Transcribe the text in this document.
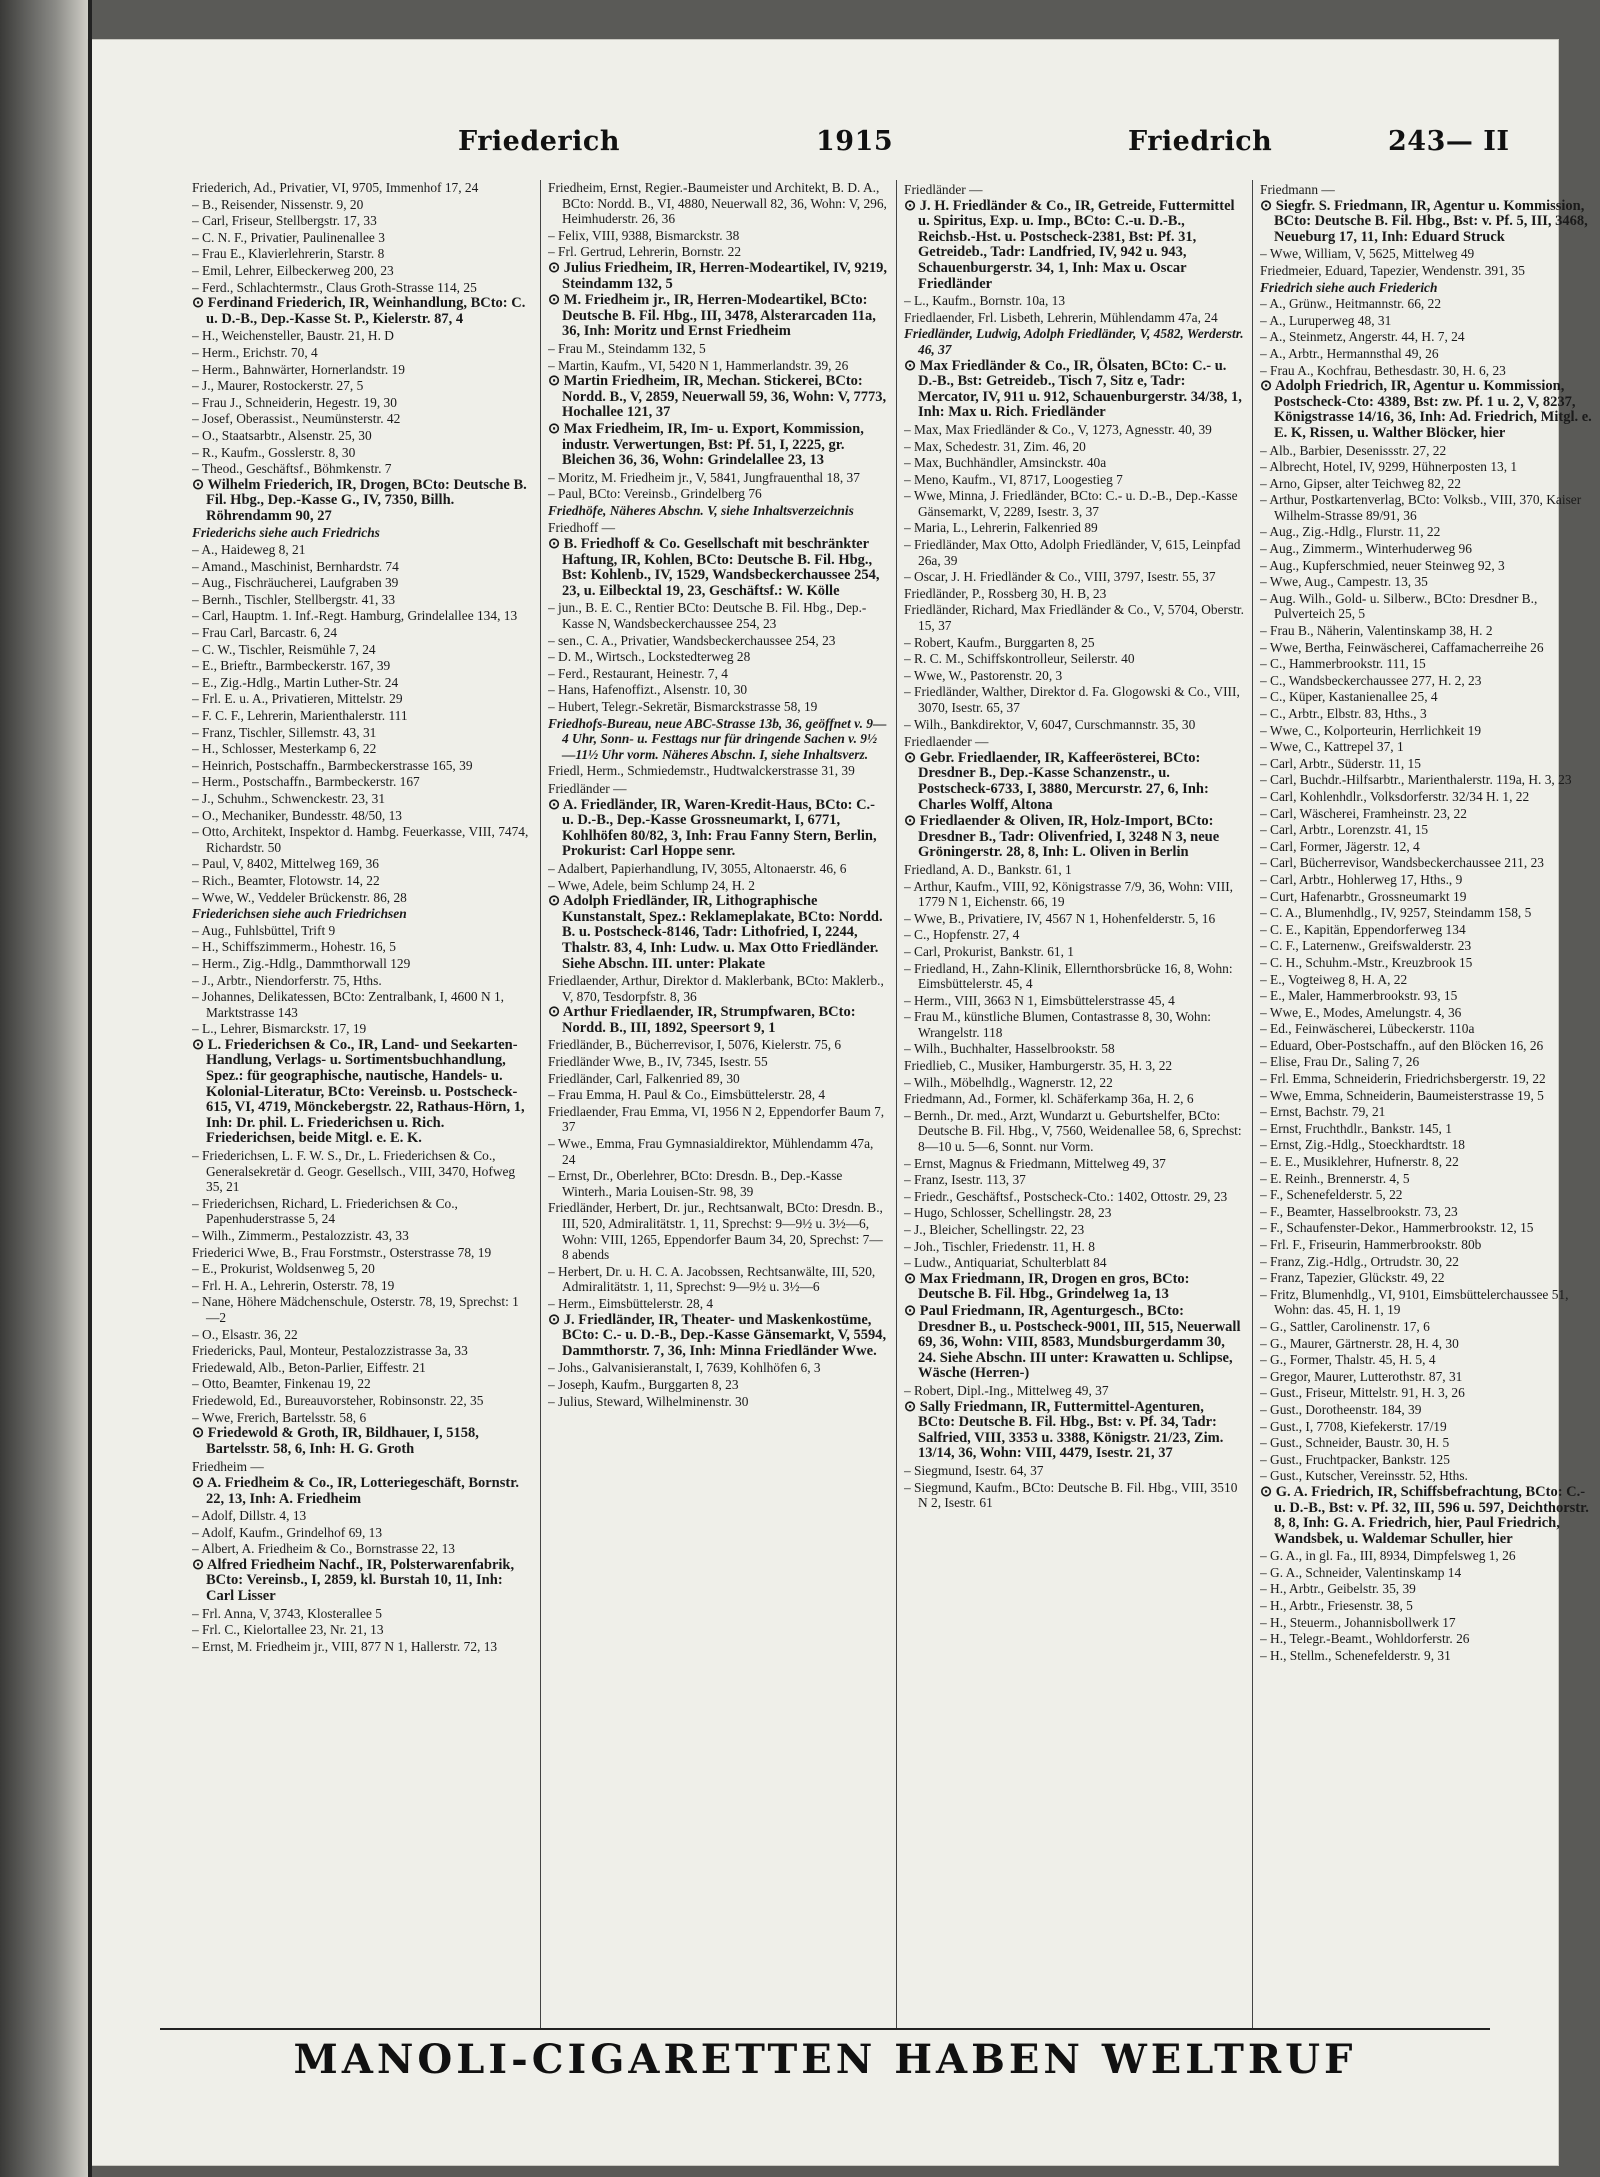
Friederich	1915	Friedrich	243— II
Friederich, Ad., Privatier, VI, 9705, Immenhof 17, 24
– B., Reisender, Nissenstr. 9, 20
– Carl, Friseur, Stellbergstr. 17, 33
– C. N. F., Privatier, Paulinenallee 3
– Frau E., Klavierlehrerin, Starstr. 8
– Emil, Lehrer, Eilbeckerweg 200, 23
– Ferd., Schlachtermstr., Claus Groth-Strasse 114, 25
⊙ Ferdinand Friederich, IR, Weinhandlung, BCto: C. u. D.-B., Dep.-Kasse St. P., Kielerstr. 87, 4
– H., Weichensteller, Baustr. 21, H. D
– Herm., Erichstr. 70, 4
– Herm., Bahnwärter, Hornerlandstr. 19
– J., Maurer, Rostockerstr. 27, 5
– Frau J., Schneiderin, Hegestr. 19, 30
– Josef, Oberassist., Neumünsterstr. 42
– O., Staatsarbtr., Alsenstr. 25, 30
– R., Kaufm., Gosslerstr. 8, 30
– Theod., Geschäftsf., Böhmkenstr. 7
⊙ Wilhelm Friederich, IR, Drogen, BCto: Deutsche B. Fil. Hbg., Dep.-Kasse G., IV, 7350, Billh. Röhrendamm 90, 27
Friederichs siehe auch Friedrichs
– A., Haideweg 8, 21
– Amand., Maschinist, Bernhardstr. 74
– Aug., Fischräucherei, Laufgraben 39
– Bernh., Tischler, Stellbergstr. 41, 33
– Carl, Hauptm. 1. Inf.-Regt. Hamburg, Grindelallee 134, 13
– Frau Carl, Barcastr. 6, 24
– C. W., Tischler, Reismühle 7, 24
– E., Brieftr., Barmbeckerstr. 167, 39
– E., Zig.-Hdlg., Martin Luther-Str. 24
– Frl. E. u. A., Privatieren, Mittelstr. 29
– F. C. F., Lehrerin, Marienthalerstr. 111
– Franz, Tischler, Sillemstr. 43, 31
– H., Schlosser, Mesterkamp 6, 22
– Heinrich, Postschaffn., Barmbeckerstrasse 165, 39
– Herm., Postschaffn., Barmbeckerstr. 167
– J., Schuhm., Schwenckestr. 23, 31
– O., Mechaniker, Bundesstr. 48/50, 13
– Otto, Architekt, Inspektor d. Hambg. Feuerkasse, VIII, 7474, Richardstr. 50
– Paul, V, 8402, Mittelweg 169, 36
– Rich., Beamter, Flotowstr. 14, 22
– Wwe, W., Veddeler Brückenstr. 86, 28
Friederichsen siehe auch Friedrichsen
– Aug., Fuhlsbüttel, Trift 9
– H., Schiffszimmerm., Hohestr. 16, 5
– Herm., Zig.-Hdlg., Dammthorwall 129
– J., Arbtr., Niendorferstr. 75, Hths.
– Johannes, Delikatessen, BCto: Zentralbank, I, 4600 N 1, Marktstrasse 143
– L., Lehrer, Bismarckstr. 17, 19
⊙ L. Friederichsen & Co., IR, Land- und Seekarten-Handlung, Verlags- u. Sortimentsbuchhandlung, Spez.: für geographische, nautische, Handels- u. Kolonial-Literatur, BCto: Vereinsb. u. Postscheck-615, VI, 4719, Mönckebergstr. 22, Rathaus-Hörn, 1, Inh: Dr. phil. L. Friederichsen u. Rich. Friederichsen, beide Mitgl. e. E. K.
– Friederichsen, L. F. W. S., Dr., L. Friederichsen & Co., Generalsekretär d. Geogr. Gesellsch., VIII, 3470, Hofweg 35, 21
– Friederichsen, Richard, L. Friederichsen & Co., Papenhuderstrasse 5, 24
– Wilh., Zimmerm., Pestalozzistr. 43, 33
Friederici Wwe, B., Frau Forstmstr., Osterstrasse 78, 19
– E., Prokurist, Woldsenweg 5, 20
– Frl. H. A., Lehrerin, Osterstr. 78, 19
– Nane, Höhere Mädchenschule, Osterstr. 78, 19, Sprechst: 1—2
– O., Elsastr. 36, 22
Friedericks, Paul, Monteur, Pestalozzistrasse 3a, 33
Friedewald, Alb., Beton-Parlier, Eiffestr. 21
– Otto, Beamter, Finkenau 19, 22
Friedewold, Ed., Bureauvorsteher, Robinsonstr. 22, 35
– Wwe, Frerich, Bartelsstr. 58, 6
⊙ Friedewold & Groth, IR, Bildhauer, I, 5158, Bartelsstr. 58, 6, Inh: H. G. Groth
Friedheim —
⊙ A. Friedheim & Co., IR, Lotteriegeschäft, Bornstr. 22, 13, Inh: A. Friedheim
– Adolf, Dillstr. 4, 13
– Adolf, Kaufm., Grindelhof 69, 13
– Albert, A. Friedheim & Co., Bornstrasse 22, 13
⊙ Alfred Friedheim Nachf., IR, Polsterwarenfabrik, BCto: Vereinsb., I, 2859, kl. Burstah 10, 11, Inh: Carl Lisser
– Frl. Anna, V, 3743, Klosterallee 5
– Frl. C., Kielortallee 23, Nr. 21, 13
– Ernst, M. Friedheim jr., VIII, 877 N 1, Hallerstr. 72, 13
Friedheim, Ernst, Regier.-Baumeister und Architekt, B. D. A., BCto: Nordd. B., VI, 4880, Neuerwall 82, 36, Wohn: V, 296, Heimhuderstr. 26, 36
– Felix, VIII, 9388, Bismarckstr. 38
– Frl. Gertrud, Lehrerin, Bornstr. 22
⊙ Julius Friedheim, IR, Herren-Modeartikel, IV, 9219, Steindamm 132, 5
⊙ M. Friedheim jr., IR, Herren-Modeartikel, BCto: Deutsche B. Fil. Hbg., III, 3478, Alsterarcaden 11a, 36, Inh: Moritz und Ernst Friedheim
– Frau M., Steindamm 132, 5
– Martin, Kaufm., VI, 5420 N 1, Hammerlandstr. 39, 26
⊙ Martin Friedheim, IR, Mechan. Stickerei, BCto: Nordd. B., V, 2859, Neuerwall 59, 36, Wohn: V, 7773, Hochallee 121, 37
⊙ Max Friedheim, IR, Im- u. Export, Kommission, industr. Verwertungen, Bst: Pf. 51, I, 2225, gr. Bleichen 36, 36, Wohn: Grindelallee 23, 13
– Moritz, M. Friedheim jr., V, 5841, Jungfrauenthal 18, 37
– Paul, BCto: Vereinsb., Grindelberg 76
Friedhöfe, Näheres Abschn. V, siehe Inhaltsverzeichnis
Friedhoff —
⊙ B. Friedhoff & Co. Gesellschaft mit beschränkter Haftung, IR, Kohlen, BCto: Deutsche B. Fil. Hbg., Bst: Kohlenb., IV, 1529, Wandsbeckerchaussee 254, 23, u. Eilbecktal 19, 23, Geschäftsf.: W. Kölle
– jun., B. E. C., Rentier BCto: Deutsche B. Fil. Hbg., Dep.-Kasse N, Wandsbeckerchaussee 254, 23
– sen., C. A., Privatier, Wandsbeckerchaussee 254, 23
– D. M., Wirtsch., Lockstedterweg 28
– Ferd., Restaurant, Heinestr. 7, 4
– Hans, Hafenoffizt., Alsenstr. 10, 30
– Hubert, Telegr.-Sekretär, Bismarckstrasse 58, 19
Friedhofs-Bureau, neue ABC-Strasse 13b, 36, geöffnet v. 9—4 Uhr, Sonn- u. Festtags nur für dringende Sachen v. 9½—11½ Uhr vorm. Näheres Abschn. I, siehe Inhaltsverz.
Friedl, Herm., Schmiedemstr., Hudtwalckerstrasse 31, 39
Friedländer —
⊙ A. Friedländer, IR, Waren-Kredit-Haus, BCto: C.- u. D.-B., Dep.-Kasse Grossneumarkt, I, 6771, Kohlhöfen 80/82, 3, Inh: Frau Fanny Stern, Berlin, Prokurist: Carl Hoppe senr.
– Adalbert, Papierhandlung, IV, 3055, Altonaerstr. 46, 6
– Wwe, Adele, beim Schlump 24, H. 2
⊙ Adolph Friedländer, IR, Lithographische Kunstanstalt, Spez.: Reklameplakate, BCto: Nordd. B. u. Postscheck-8146, Tadr: Lithofried, I, 2244, Thalstr. 83, 4, Inh: Ludw. u. Max Otto Friedländer. Siehe Abschn. III. unter: Plakate
Friedlaender, Arthur, Direktor d. Maklerbank, BCto: Maklerb., V, 870, Tesdorpfstr. 8, 36
⊙ Arthur Friedlaender, IR, Strumpfwaren, BCto: Nordd. B., III, 1892, Speersort 9, 1
Friedländer, B., Bücherrevisor, I, 5076, Kielerstr. 75, 6
Friedländer Wwe, B., IV, 7345, Isestr. 55
Friedländer, Carl, Falkenried 89, 30
– Frau Emma, H. Paul & Co., Eimsbüttelerstr. 28, 4
Friedlaender, Frau Emma, VI, 1956 N 2, Eppendorfer Baum 7, 37
– Wwe., Emma, Frau Gymnasialdirektor, Mühlendamm 47a, 24
– Ernst, Dr., Oberlehrer, BCto: Dresdn. B., Dep.-Kasse Winterh., Maria Louisen-Str. 98, 39
Friedländer, Herbert, Dr. jur., Rechtsanwalt, BCto: Dresdn. B., III, 520, Admiralitätstr. 1, 11, Sprechst: 9—9½ u. 3½—6, Wohn: VIII, 1265, Eppendorfer Baum 34, 20, Sprechst: 7—8 abends
– Herbert, Dr. u. H. C. A. Jacobssen, Rechtsanwälte, III, 520, Admiralitätstr. 1, 11, Sprechst: 9—9½ u. 3½—6
– Herm., Eimsbüttelerstr. 28, 4
⊙ J. Friedländer, IR, Theater- und Maskenkostüme, BCto: C.- u. D.-B., Dep.-Kasse Gänsemarkt, V, 5594, Dammthorstr. 7, 36, Inh: Minna Friedländer Wwe.
– Johs., Galvanisieranstalt, I, 7639, Kohlhöfen 6, 3
– Joseph, Kaufm., Burggarten 8, 23
– Julius, Steward, Wilhelminenstr. 30
Friedländer —
⊙ J. H. Friedländer & Co., IR, Getreide, Futtermittel u. Spiritus, Exp. u. Imp., BCto: C.-u. D.-B., Reichsb.-Hst. u. Postscheck-2381, Bst: Pf. 31, Getreideb., Tadr: Landfried, IV, 942 u. 943, Schauenburgerstr. 34, 1, Inh: Max u. Oscar Friedländer
– L., Kaufm., Bornstr. 10a, 13
Friedlaender, Frl. Lisbeth, Lehrerin, Mühlendamm 47a, 24
Friedländer, Ludwig, Adolph Friedländer, V, 4582, Werderstr. 46, 37
⊙ Max Friedländer & Co., IR, Ölsaten, BCto: C.- u. D.-B., Bst: Getreideb., Tisch 7, Sitz e, Tadr: Mercator, IV, 911 u. 912, Schauenburgerstr. 34/38, 1, Inh: Max u. Rich. Friedländer
– Max, Max Friedländer & Co., V, 1273, Agnesstr. 40, 39
– Max, Schedestr. 31, Zim. 46, 20
– Max, Buchhändler, Amsinckstr. 40a
– Meno, Kaufm., VI, 8717, Loogestieg 7
– Wwe, Minna, J. Friedländer, BCto: C.- u. D.-B., Dep.-Kasse Gänsemarkt, V, 2289, Isestr. 3, 37
– Maria, L., Lehrerin, Falkenried 89
– Friedländer, Max Otto, Adolph Friedländer, V, 615, Leinpfad 26a, 39
– Oscar, J. H. Friedländer & Co., VIII, 3797, Isestr. 55, 37
Friedländer, P., Rossberg 30, H. B, 23
Friedländer, Richard, Max Friedländer & Co., V, 5704, Oberstr. 15, 37
– Robert, Kaufm., Burggarten 8, 25
– R. C. M., Schiffskontrolleur, Seilerstr. 40
– Wwe, W., Pastorenstr. 20, 3
– Friedländer, Walther, Direktor d. Fa. Glogowski & Co., VIII, 3070, Isestr. 65, 37
– Wilh., Bankdirektor, V, 6047, Curschmannstr. 35, 30
Friedlaender —
⊙ Gebr. Friedlaender, IR, Kaffeerösterei, BCto: Dresdner B., Dep.-Kasse Schanzenstr., u. Postscheck-6733, I, 3880, Mercurstr. 27, 6, Inh: Charles Wolff, Altona
⊙ Friedlaender & Oliven, IR, Holz-Import, BCto: Dresdner B., Tadr: Olivenfried, I, 3248 N 3, neue Gröningerstr. 28, 8, Inh: L. Oliven in Berlin
Friedland, A. D., Bankstr. 61, 1
– Arthur, Kaufm., VIII, 92, Königstrasse 7/9, 36, Wohn: VIII, 1779 N 1, Eichenstr. 66, 19
– Wwe, B., Privatiere, IV, 4567 N 1, Hohenfelderstr. 5, 16
– C., Hopfenstr. 27, 4
– Carl, Prokurist, Bankstr. 61, 1
– Friedland, H., Zahn-Klinik, Ellernthorsbrücke 16, 8, Wohn: Eimsbüttelerstr. 45, 4
– Herm., VIII, 3663 N 1, Eimsbüttelerstrasse 45, 4
– Frau M., künstliche Blumen, Contastrasse 8, 30, Wohn: Wrangelstr. 118
– Wilh., Buchhalter, Hasselbrookstr. 58
Friedlieb, C., Musiker, Hamburgerstr. 35, H. 3, 22
– Wilh., Möbelhdlg., Wagnerstr. 12, 22
Friedmann, Ad., Former, kl. Schäferkamp 36a, H. 2, 6
– Bernh., Dr. med., Arzt, Wundarzt u. Geburtshelfer, BCto: Deutsche B. Fil. Hbg., V, 7560, Weidenallee 58, 6, Sprechst: 8—10 u. 5—6, Sonnt. nur Vorm.
– Ernst, Magnus & Friedmann, Mittelweg 49, 37
– Franz, Isestr. 113, 37
– Friedr., Geschäftsf., Postscheck-Cto.: 1402, Ottostr. 29, 23
– Hugo, Schlosser, Schellingstr. 28, 23
– J., Bleicher, Schellingstr. 22, 23
– Joh., Tischler, Friedenstr. 11, H. 8
– Ludw., Antiquariat, Schulterblatt 84
⊙ Max Friedmann, IR, Drogen en gros, BCto: Deutsche B. Fil. Hbg., Grindelweg 1a, 13
⊙ Paul Friedmann, IR, Agenturgesch., BCto: Dresdner B., u. Postscheck-9001, III, 515, Neuerwall 69, 36, Wohn: VIII, 8583, Mundsburgerdamm 30, 24. Siehe Abschn. III unter: Krawatten u. Schlipse, Wäsche (Herren-)
– Robert, Dipl.-Ing., Mittelweg 49, 37
⊙ Sally Friedmann, IR, Futtermittel-Agenturen, BCto: Deutsche B. Fil. Hbg., Bst: v. Pf. 34, Tadr: Salfried, VIII, 3353 u. 3388, Königstr. 21/23, Zim. 13/14, 36, Wohn: VIII, 4479, Isestr. 21, 37
– Siegmund, Isestr. 64, 37
– Siegmund, Kaufm., BCto: Deutsche B. Fil. Hbg., VIII, 3510 N 2, Isestr. 61
Friedmann —
⊙ Siegfr. S. Friedmann, IR, Agentur u. Kommission, BCto: Deutsche B. Fil. Hbg., Bst: v. Pf. 5, III, 3468, Neueburg 17, 11, Inh: Eduard Struck
– Wwe, William, V, 5625, Mittelweg 49
Friedmeier, Eduard, Tapezier, Wendenstr. 391, 35
Friedrich siehe auch Friederich
– A., Grünw., Heitmannstr. 66, 22
– A., Luruperweg 48, 31
– A., Steinmetz, Angerstr. 44, H. 7, 24
– A., Arbtr., Hermannsthal 49, 26
– Frau A., Kochfrau, Bethesdastr. 30, H. 6, 23
⊙ Adolph Friedrich, IR, Agentur u. Kommission, Postscheck-Cto: 4389, Bst: zw. Pf. 1 u. 2, V, 8237, Königstrasse 14/16, 36, Inh: Ad. Friedrich, Mitgl. e. E. K, Rissen, u. Walther Blöcker, hier
– Alb., Barbier, Desenissstr. 27, 22
– Albrecht, Hotel, IV, 9299, Hühnerposten 13, 1
– Arno, Gipser, alter Teichweg 82, 22
– Arthur, Postkartenverlag, BCto: Volksb., VIII, 370, Kaiser Wilhelm-Strasse 89/91, 36
– Aug., Zig.-Hdlg., Flurstr. 11, 22
– Aug., Zimmerm., Winterhuderweg 96
– Aug., Kupferschmied, neuer Steinweg 92, 3
– Wwe, Aug., Campestr. 13, 35
– Aug. Wilh., Gold- u. Silberw., BCto: Dresdner B., Pulverteich 25, 5
– Frau B., Näherin, Valentinskamp 38, H. 2
– Wwe, Bertha, Feinwäscherei, Caffamacherreihe 26
– C., Hammerbrookstr. 111, 15
– C., Wandsbeckerchaussee 277, H. 2, 23
– C., Küper, Kastanienallee 25, 4
– C., Arbtr., Elbstr. 83, Hths., 3
– Wwe, C., Kolporteurin, Herrlichkeit 19
– Wwe, C., Kattrepel 37, 1
– Carl, Arbtr., Süderstr. 11, 15
– Carl, Buchdr.-Hilfsarbtr., Marienthalerstr. 119a, H. 3, 23
– Carl, Kohlenhdlr., Volksdorferstr. 32/34 H. 1, 22
– Carl, Wäscherei, Framheinstr. 23, 22
– Carl, Arbtr., Lorenzstr. 41, 15
– Carl, Former, Jägerstr. 12, 4
– Carl, Bücherrevisor, Wandsbeckerchaussee 211, 23
– Carl, Arbtr., Hohlerweg 17, Hths., 9
– Curt, Hafenarbtr., Grossneumarkt 19
– C. A., Blumenhdlg., IV, 9257, Steindamm 158, 5
– C. E., Kapitän, Eppendorferweg 134
– C. F., Laternenw., Greifswalderstr. 23
– C. H., Schuhm.-Mstr., Kreuzbrook 15
– E., Vogteiweg 8, H. A, 22
– E., Maler, Hammerbrookstr. 93, 15
– Wwe, E., Modes, Amelungstr. 4, 36
– Ed., Feinwäscherei, Lübeckerstr. 110a
– Eduard, Ober-Postschaffn., auf den Blöcken 16, 26
– Elise, Frau Dr., Saling 7, 26
– Frl. Emma, Schneiderin, Friedrichsbergerstr. 19, 22
– Wwe, Emma, Schneiderin, Baumeisterstrasse 19, 5
– Ernst, Bachstr. 79, 21
– Ernst, Fruchthdlr., Bankstr. 145, 1
– Ernst, Zig.-Hdlg., Stoeckhardtstr. 18
– E. E., Musiklehrer, Hufnerstr. 8, 22
– E. Reinh., Brennerstr. 4, 5
– F., Schenefelderstr. 5, 22
– F., Beamter, Hasselbrookstr. 73, 23
– F., Schaufenster-Dekor., Hammerbrookstr. 12, 15
– Frl. F., Friseurin, Hammerbrookstr. 80b
– Franz, Zig.-Hdlg., Ortrudstr. 30, 22
– Franz, Tapezier, Glückstr. 49, 22
– Fritz, Blumenhdlg., VI, 9101, Eimsbüttelerchaussee 51, Wohn: das. 45, H. 1, 19
– G., Sattler, Carolinenstr. 17, 6
– G., Maurer, Gärtnerstr. 28, H. 4, 30
– G., Former, Thalstr. 45, H. 5, 4
– Gregor, Maurer, Lutterothstr. 87, 31
– Gust., Friseur, Mittelstr. 91, H. 3, 26
– Gust., Dorotheenstr. 184, 39
– Gust., I, 7708, Kiefekerstr. 17/19
– Gust., Schneider, Baustr. 30, H. 5
– Gust., Fruchtpacker, Bankstr. 125
– Gust., Kutscher, Vereinsstr. 52, Hths.
⊙ G. A. Friedrich, IR, Schiffsbefrachtung, BCto: C.- u. D.-B., Bst: v. Pf. 32, III, 596 u. 597, Deichthorstr. 8, 8, Inh: G. A. Friedrich, hier, Paul Friedrich, Wandsbek, u. Waldemar Schuller, hier
– G. A., in gl. Fa., III, 8934, Dimpfelsweg 1, 26
– G. A., Schneider, Valentinskamp 14
– H., Arbtr., Geibelstr. 35, 39
– H., Arbtr., Friesenstr. 38, 5
– H., Steuerm., Johannisbollwerk 17
– H., Telegr.-Beamt., Wohldorferstr. 26
– H., Stellm., Schenefelderstr. 9, 31
MANOLI-CIGARETTEN HABEN WELTRUF
